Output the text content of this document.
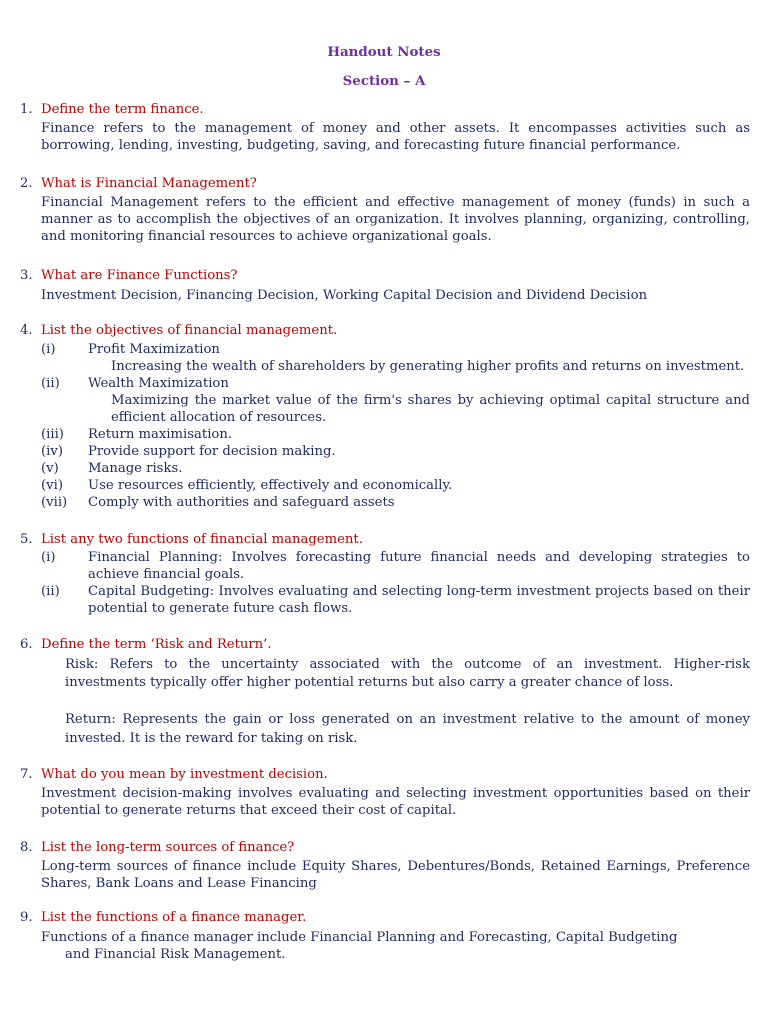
Handout Notes
Section – A
1. Define the term finance.
Finance refers to the management of money and other assets. It encompasses activities such as borrowing, lending, investing, budgeting, saving, and forecasting future financial performance.
2. What is Financial Management?
Financial Management refers to the efficient and effective management of money (funds) in such a manner as to accomplish the objectives of an organization. It involves planning, organizing, controlling, and monitoring financial resources to achieve organizational goals.
3. What are Finance Functions?
Investment Decision, Financing Decision, Working Capital Decision and Dividend Decision
4. List the objectives of financial management.
(i) Profit Maximization
Increasing the wealth of shareholders by generating higher profits and returns on investment.
(ii) Wealth Maximization
Maximizing the market value of the firm's shares by achieving optimal capital structure and efficient allocation of resources.
(iii) Return maximisation.
(iv) Provide support for decision making.
(v) Manage risks.
(vi) Use resources efficiently, effectively and economically.
(vii) Comply with authorities and safeguard assets
5. List any two functions of financial management.
(i) Financial Planning: Involves forecasting future financial needs and developing strategies to achieve financial goals.
(ii) Capital Budgeting: Involves evaluating and selecting long-term investment projects based on their potential to generate future cash flows.
6. Define the term ‘Risk and Return’.
Risk: Refers to the uncertainty associated with the outcome of an investment. Higher-risk investments typically offer higher potential returns but also carry a greater chance of loss.
Return: Represents the gain or loss generated on an investment relative to the amount of money invested. It is the reward for taking on risk.
7. What do you mean by investment decision.
Investment decision-making involves evaluating and selecting investment opportunities based on their potential to generate returns that exceed their cost of capital.
8. List the long-term sources of finance?
Long-term sources of finance include Equity Shares, Debentures/Bonds, Retained Earnings, Preference Shares, Bank Loans and Lease Financing
9. List the functions of a finance manager.
Functions of a finance manager include Financial Planning and Forecasting, Capital Budgeting
and Financial Risk Management.
